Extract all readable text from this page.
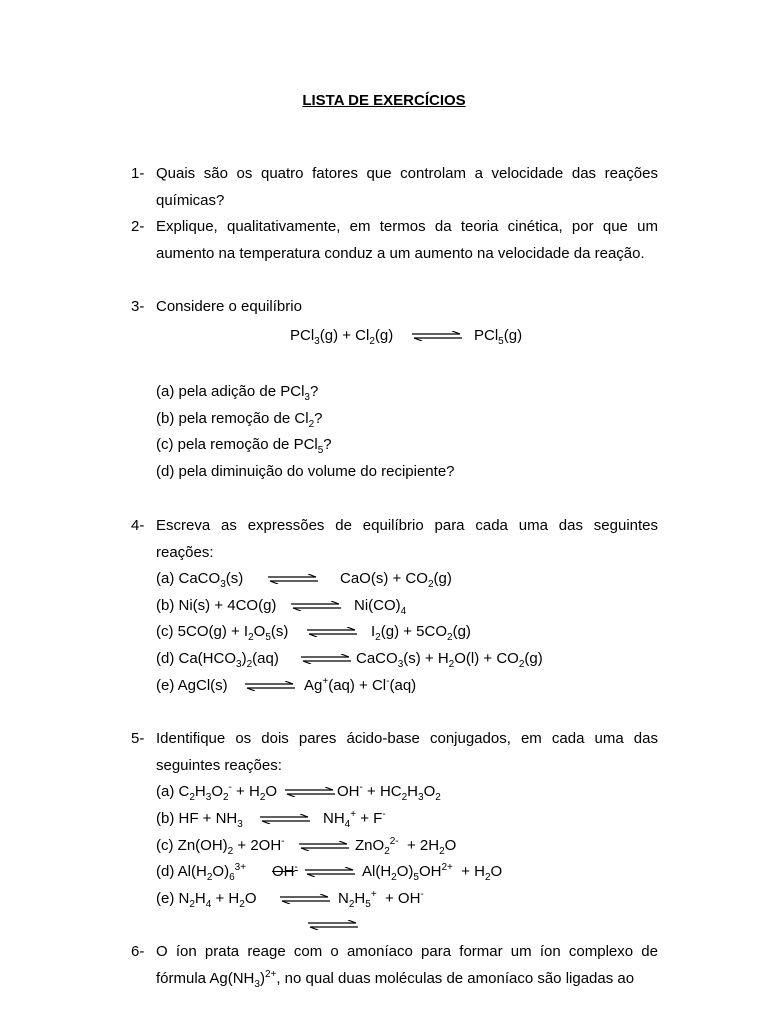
LISTA DE EXERCÍCIOS
1- Quais são os quatro fatores que controlam a velocidade das reações químicas?
2- Explique, qualitativamente, em termos da teoria cinética, por que um aumento na temperatura conduz a um aumento na velocidade da reação.
3- Considere o equilíbrio
$PCl_3(g) + Cl_2(g)$ ⇌ PCl$_5$(g)
(a) pela adição de PCl$_3$?
(b) pela remoção de $Cl_2$?
(c) pela remoção de PCl$_5$?
(d) pela diminuição do volume do recipiente?
4- Escreva as expressões de equilíbrio para cada uma das seguintes reações:
(a) CaCO$_3$(s) ⇌ $CaO(s) + CO_2(g)$
(b) Ni(s) + 4CO(g) ⇌ $Ni(CO)_4$
(c) $5CO(g) + I_2O_5(s)$ ⇌ $I_2(g) + 5CO_2(g)$
(d) $Ca(HCO_3)_2(aq)$ ⇌ CaCO$_3$(s) + $H_2O(l) + CO_2(g)$
(e) AgCl(s) ⇌ Ag+(aq) + Cl-(aq)
5- Identifique os dois pares ácido-base conjugados, em cada uma das seguintes reações:
(a) $C_2H_3O_2^- + H_2O$ ⇌ $OH^- + HC_2H_3O_2$
(b) HF + $NH_3$ ⇌ $NH_4^+ + F^-$
(c) $Zn(OH)_2 + 2OH^-$ ⇌ $ZnO_2^{2-} + 2H_2O$
(d) $Al(H_2O)_6^{3+}$ OH- ⇌ $Al(H_2O)_5OH^{2+} + H_2O$
(e) $N_2H_4 + H_2O$ ⇌ $N_2H_5^+ + OH^-$
6- O íon prata reage com o amoníaco para formar um íon complexo de
fórmula $Ag(NH_3)^{2+}$, no qual duas moléculas de amoníaco são ligadas ao
